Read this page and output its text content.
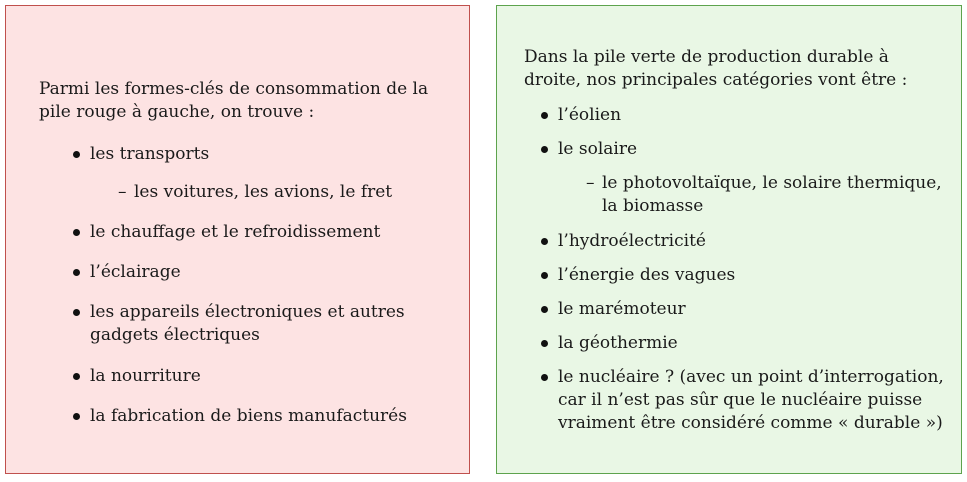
Parmi les formes-clés de consommation de la pile rouge à gauche, on trouve :

les transports
– les voitures, les avions, le fret
le chauffage et le refroidissement
l’éclairage
les appareils électroniques et autres
gadgets électriques
la nourriture
la fabrication de biens manufacturés

Dans la pile verte de production durable à droite, nos principales catégories vont être :

l’éolien
le solaire
– le photovoltaïque, le solaire thermique,
la biomasse
l’hydroélectricité
l’énergie des vagues
le marémoteur
la géothermie
le nucléaire ? (avec un point d’interrogation,
car il n’est pas sûr que le nucléaire puisse
vraiment être considéré comme « durable »)
